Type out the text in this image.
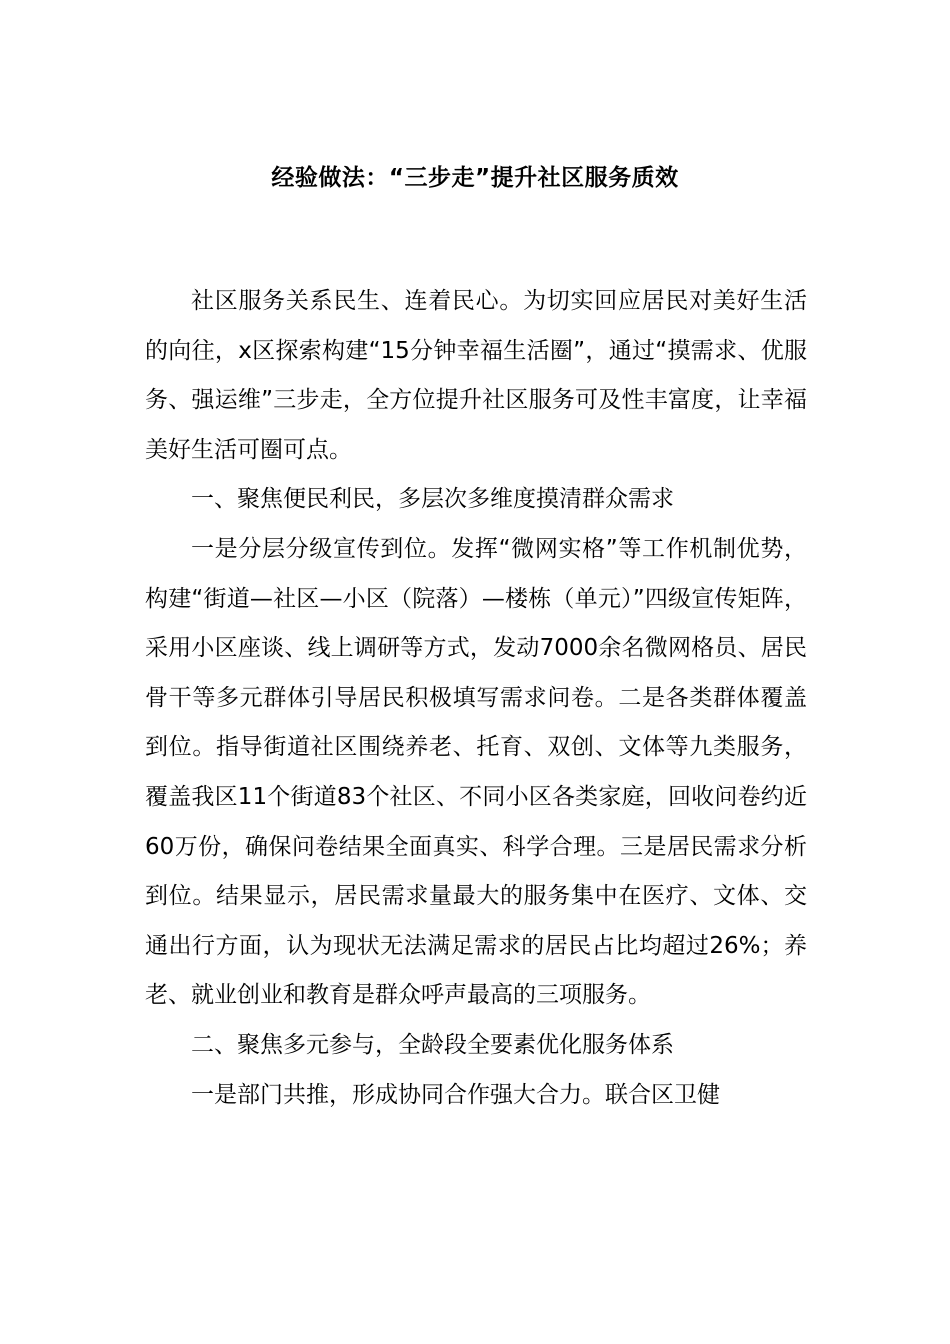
经验做法：“三步走”提升社区服务质效

社区服务关系民生、连着民心。为切实回应居民对美好生活的向往，x区探索构建“15分钟幸福生活圈”，通过“摸需求、优服务、强运维”三步走，全方位提升社区服务可及性丰富度，让幸福美好生活可圈可点。

一、聚焦便民利民，多层次多维度摸清群众需求

一是分层分级宣传到位。发挥“微网实格”等工作机制优势，构建“街道—社区—小区（院落）—楼栋（单元）”四级宣传矩阵，采用小区座谈、线上调研等方式，发动7000余名微网格员、居民骨干等多元群体引导居民积极填写需求问卷。二是各类群体覆盖到位。指导街道社区围绕养老、托育、双创、文体等九类服务，覆盖我区11个街道83个社区、不同小区各类家庭，回收问卷约近60万份，确保问卷结果全面真实、科学合理。三是居民需求分析到位。结果显示，居民需求量最大的服务集中在医疗、文体、交通出行方面，认为现状无法满足需求的居民占比均超过26%；养老、就业创业和教育是群众呼声最高的三项服务。

二、聚焦多元参与，全龄段全要素优化服务体系

一是部门共推，形成协同合作强大合力。联合区卫健
